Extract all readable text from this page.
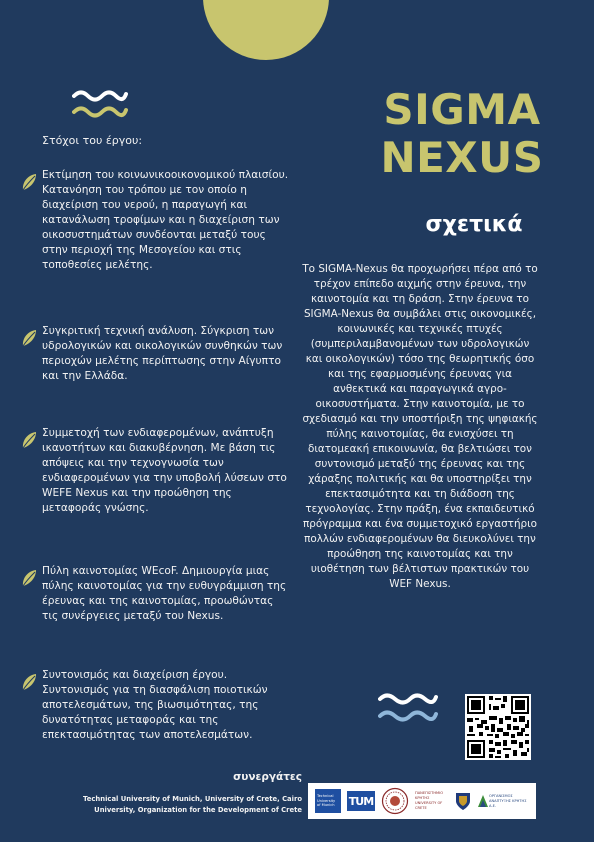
SIGMA
NEXUS
σχετικά
Στόχοι του έργου:

Εκτίμηση του κοινωνικοοικονομικού πλαισίου. Κατανόηση του τρόπου με τον οποίο η διαχείριση του νερού, η παραγωγή και κατανάλωση τροφίμων και η διαχείριση των οικοσυστημάτων συνδέονται μεταξύ τους στην περιοχή της Μεσογείου και στις τοποθεσίες μελέτης.

Συγκριτική τεχνική ανάλυση. Σύγκριση των υδρολογικών και οικολογικών συνθηκών των περιοχών μελέτης περίπτωσης στην Αίγυπτο και την Ελλάδα.

Συμμετοχή των ενδιαφερομένων, ανάπτυξη ικανοτήτων και διακυβέρνηση. Με βάση τις απόψεις και την τεχνογνωσία των ενδιαφερομένων για την υποβολή λύσεων στο WEFE Nexus και την προώθηση της μεταφοράς γνώσης.

Πύλη καινοτομίας WEcoF. Δημιουργία μιας πύλης καινοτομίας για την ευθυγράμμιση της έρευνας και της καινοτομίας, προωθώντας τις συνέργειες μεταξύ του Nexus.

Συντονισμός και διαχείριση έργου. Συντονισμός για τη διασφάλιση ποιοτικών αποτελεσμάτων, της βιωσιμότητας, της δυνατότητας μεταφοράς και της επεκτασιμότητας των αποτελεσμάτων.

Το SIGMA-Nexus θα προχωρήσει πέρα από το τρέχον επίπεδο αιχμής στην έρευνα, την καινοτομία και τη δράση. Στην έρευνα το SIGMA-Nexus θα συμβάλει στις οικονομικές, κοινωνικές και τεχνικές πτυχές (συμπεριλαμβανομένων των υδρολογικών και οικολογικών) τόσο της θεωρητικής όσο και της εφαρμοσμένης έρευνας για ανθεκτικά και παραγωγικά αγρο-οικοσυστήματα. Στην καινοτομία, με το σχεδιασμό και την υποστήριξη της ψηφιακής πύλης καινοτομίας, θα ενισχύσει τη διατομεακή επικοινωνία, θα βελτιώσει τον συντονισμό μεταξύ της έρευνας και της χάραξης πολιτικής και θα υποστηρίξει την επεκτασιμότητα και τη διάδοση της τεχνολογίας. Στην πράξη, ένα εκπαιδευτικό πρόγραμμα και ένα συμμετοχικό εργαστήριο πολλών ενδιαφερομένων θα διευκολύνει την προώθηση της καινοτομίας και την υιοθέτηση των βέλτιστων πρακτικών του WEF Nexus.

συνεργάτες

Technical University of Munich, University of Crete, Cairo University, Organization for the Development of Crete

Technical University of Munich	TUM
ΠΑΝΕΠΙΣΤΗΜΙΟ ΚΡΗΤΗΣ UNIVERSITY OF CRETE
ΟΡΓΑΝΙΣΜΟΣ ΑΝΑΠΤΥΞΗΣ ΚΡΗΤΗΣ Α.Ε.
